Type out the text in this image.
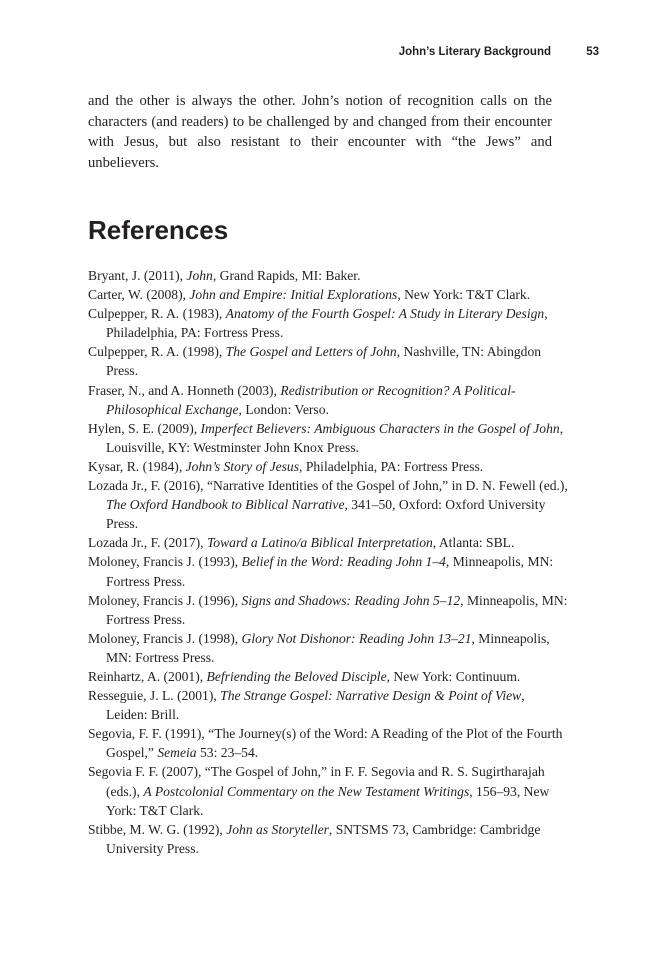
John’s Literary Background	53

and the other is always the other. John’s notion of recognition calls on the characters (and readers) to be challenged by and changed from their encounter with Jesus, but also resistant to their encounter with “the Jews” and unbelievers.

References
Bryant, J. (2011), John, Grand Rapids, MI: Baker.
Carter, W. (2008), John and Empire: Initial Explorations, New York: T&T Clark.
Culpepper, R. A. (1983), Anatomy of the Fourth Gospel: A Study in Literary Design, Philadelphia, PA: Fortress Press.
Culpepper, R. A. (1998), The Gospel and Letters of John, Nashville, TN: Abingdon Press.
Fraser, N., and A. Honneth (2003), Redistribution or Recognition? A Political-Philosophical Exchange, London: Verso.
Hylen, S. E. (2009), Imperfect Believers: Ambiguous Characters in the Gospel of John, Louisville, KY: Westminster John Knox Press.
Kysar, R. (1984), John’s Story of Jesus, Philadelphia, PA: Fortress Press.
Lozada Jr., F. (2016), “Narrative Identities of the Gospel of John,” in D. N. Fewell (ed.), The Oxford Handbook to Biblical Narrative, 341–50, Oxford: Oxford University Press.
Lozada Jr., F. (2017), Toward a Latino/a Biblical Interpretation, Atlanta: SBL.
Moloney, Francis J. (1993), Belief in the Word: Reading John 1–4, Minneapolis, MN: Fortress Press.
Moloney, Francis J. (1996), Signs and Shadows: Reading John 5–12, Minneapolis, MN: Fortress Press.
Moloney, Francis J. (1998), Glory Not Dishonor: Reading John 13–21, Minneapolis, MN: Fortress Press.
Reinhartz, A. (2001), Befriending the Beloved Disciple, New York: Continuum.
Resseguie, J. L. (2001), The Strange Gospel: Narrative Design & Point of View, Leiden: Brill.
Segovia, F. F. (1991), “The Journey(s) of the Word: A Reading of the Plot of the Fourth Gospel,” Semeia 53: 23–54.
Segovia F. F. (2007), “The Gospel of John,” in F. F. Segovia and R. S. Sugirtharajah (eds.), A Postcolonial Commentary on the New Testament Writings, 156–93, New York: T&T Clark.
Stibbe, M. W. G. (1992), John as Storyteller, SNTSMS 73, Cambridge: Cambridge University Press.
